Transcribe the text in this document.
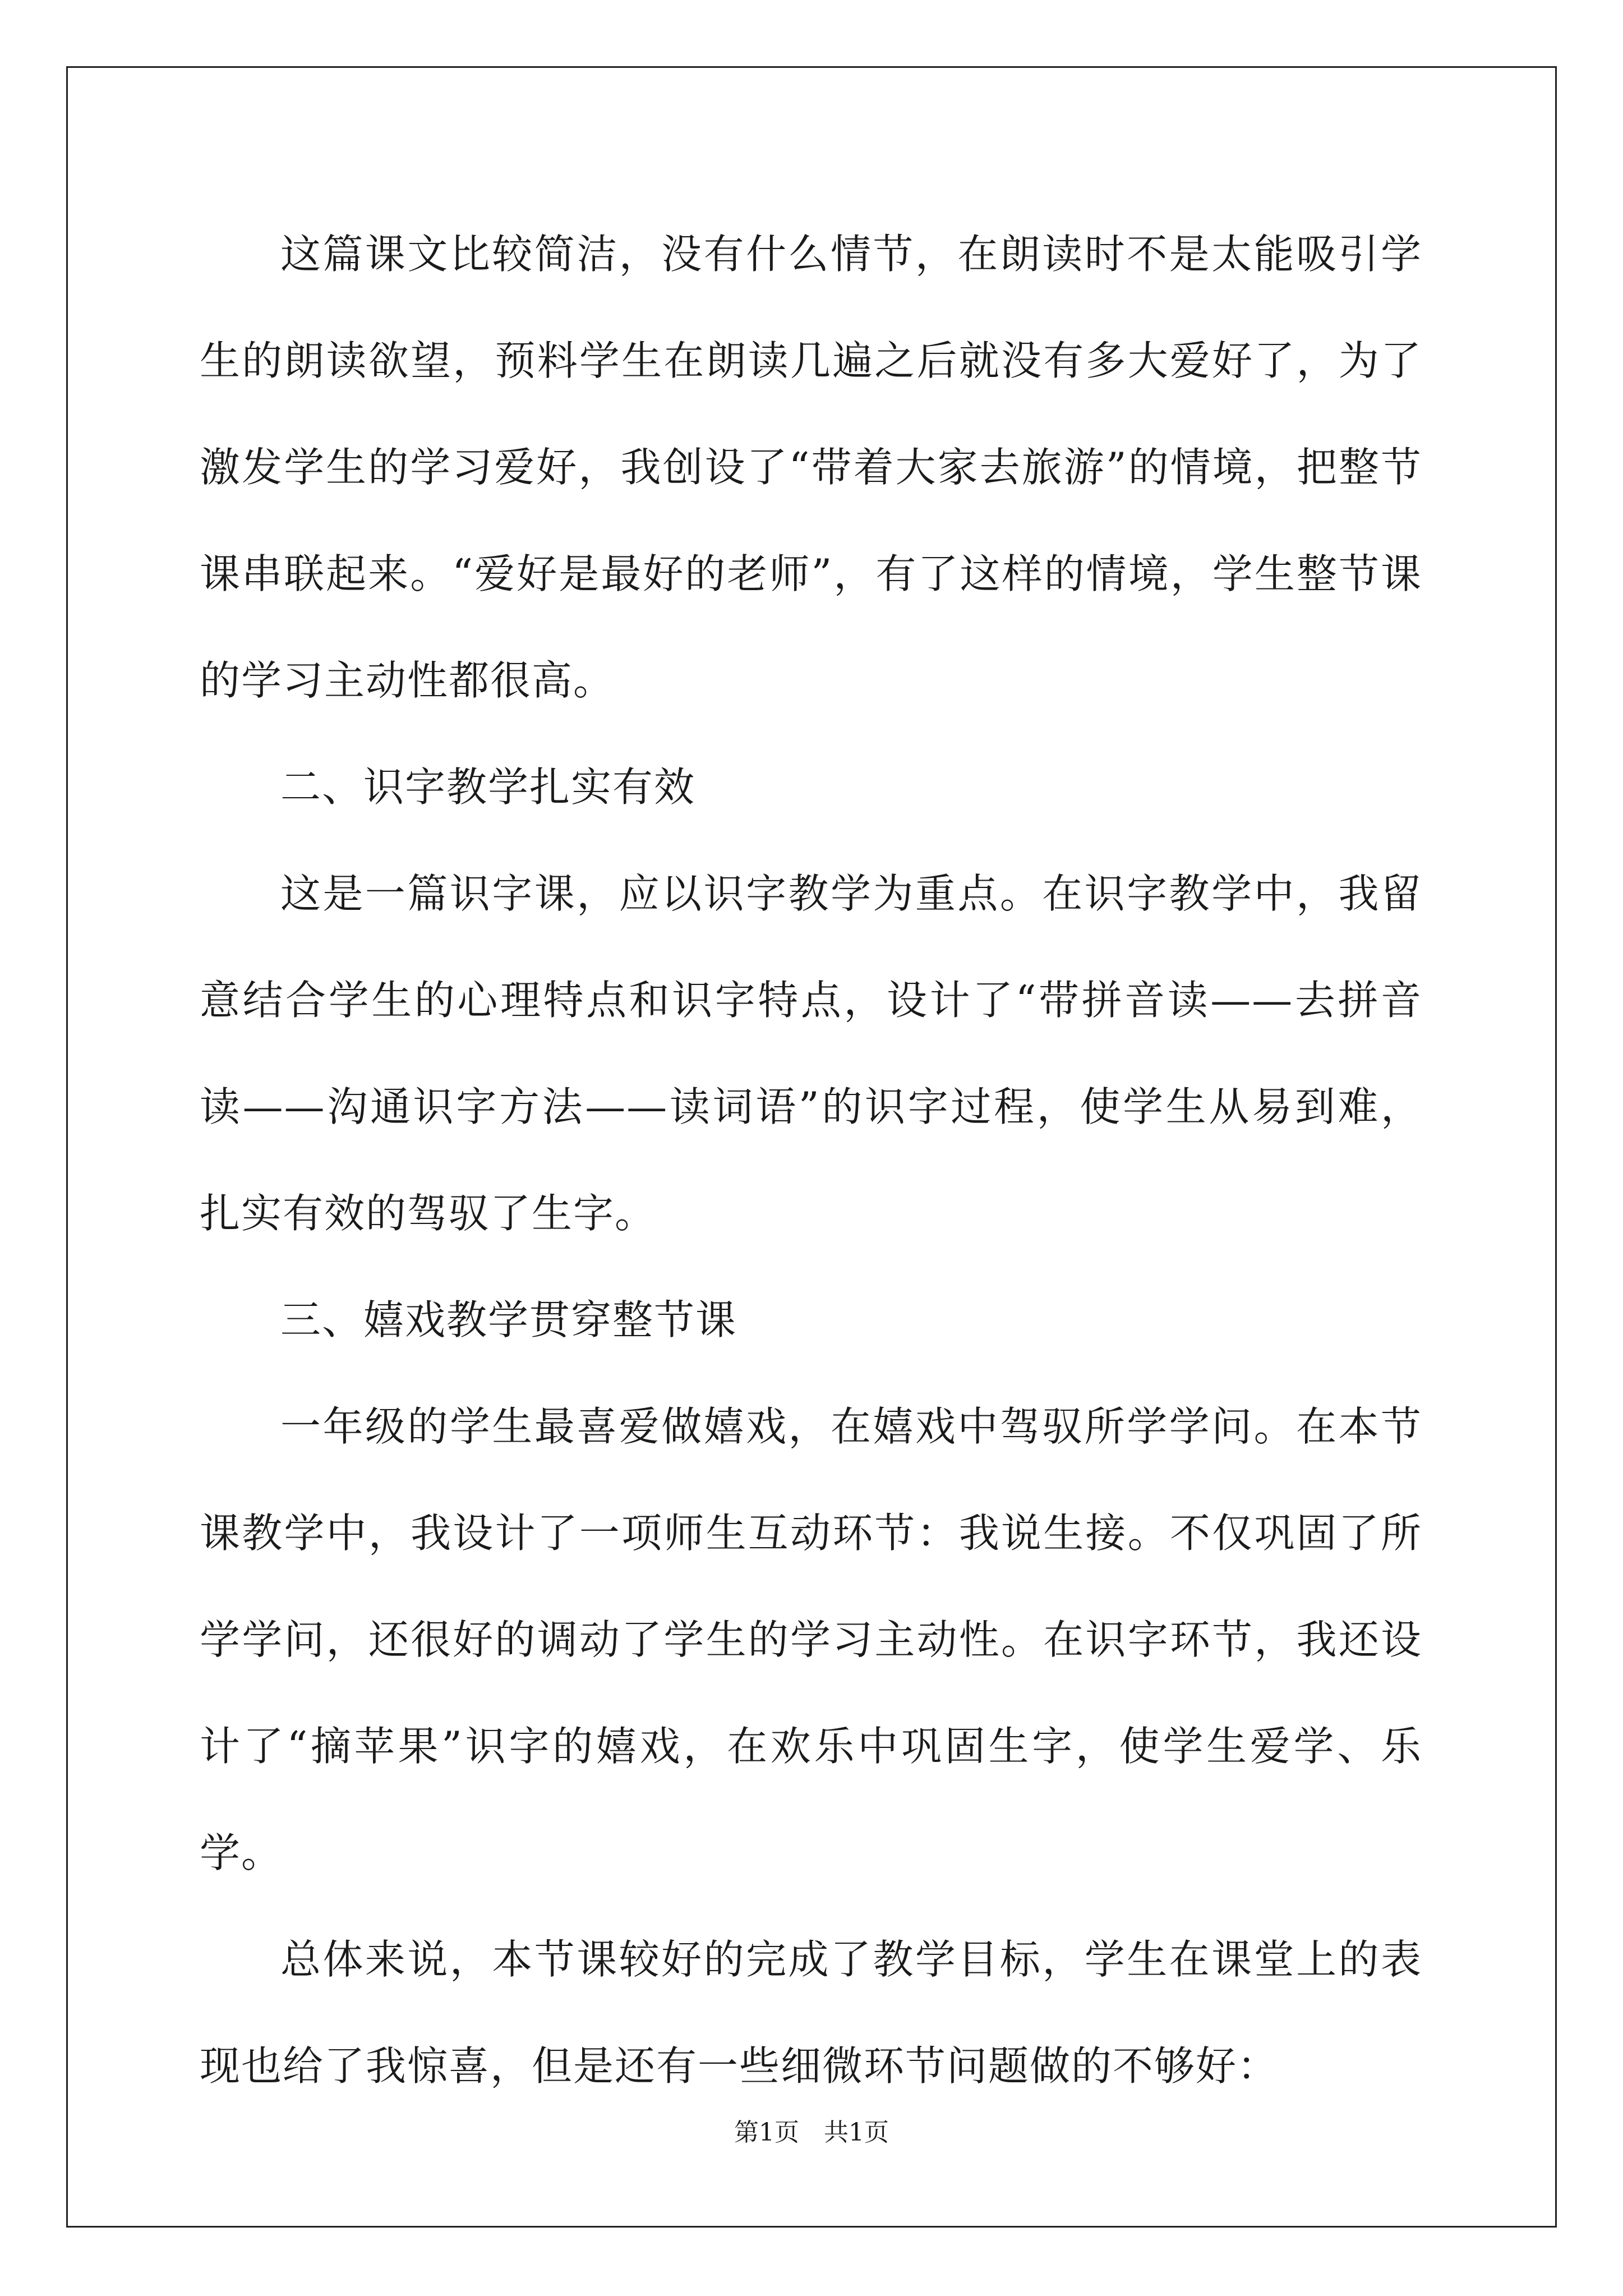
这篇课文比较简洁，没有什么情节，在朗读时不是太能吸引学生的朗读欲望，预料学生在朗读几遍之后就没有多大爱好了，为了激发学生的学习爱好，我创设了“带着大家去旅游”的情境，把整节课串联起来。“爱好是最好的老师”，有了这样的情境，学生整节课的学习主动性都很高。

二、识字教学扎实有效

这是一篇识字课，应以识字教学为重点。在识字教学中，我留意结合学生的心理特点和识字特点，设计了“带拼音读——去拼音读——沟通识字方法——读词语”的识字过程，使学生从易到难，扎实有效的驾驭了生字。

三、嬉戏教学贯穿整节课

一年级的学生最喜爱做嬉戏，在嬉戏中驾驭所学学问。在本节课教学中，我设计了一项师生互动环节：我说生接。不仅巩固了所学学问，还很好的调动了学生的学习主动性。在识字环节，我还设计了“摘苹果”识字的嬉戏，在欢乐中巩固生字，使学生爱学、乐学。

总体来说，本节课较好的完成了教学目标，学生在课堂上的表现也给了我惊喜，但是还有一些细微环节问题做的不够好：

第1页　共1页
